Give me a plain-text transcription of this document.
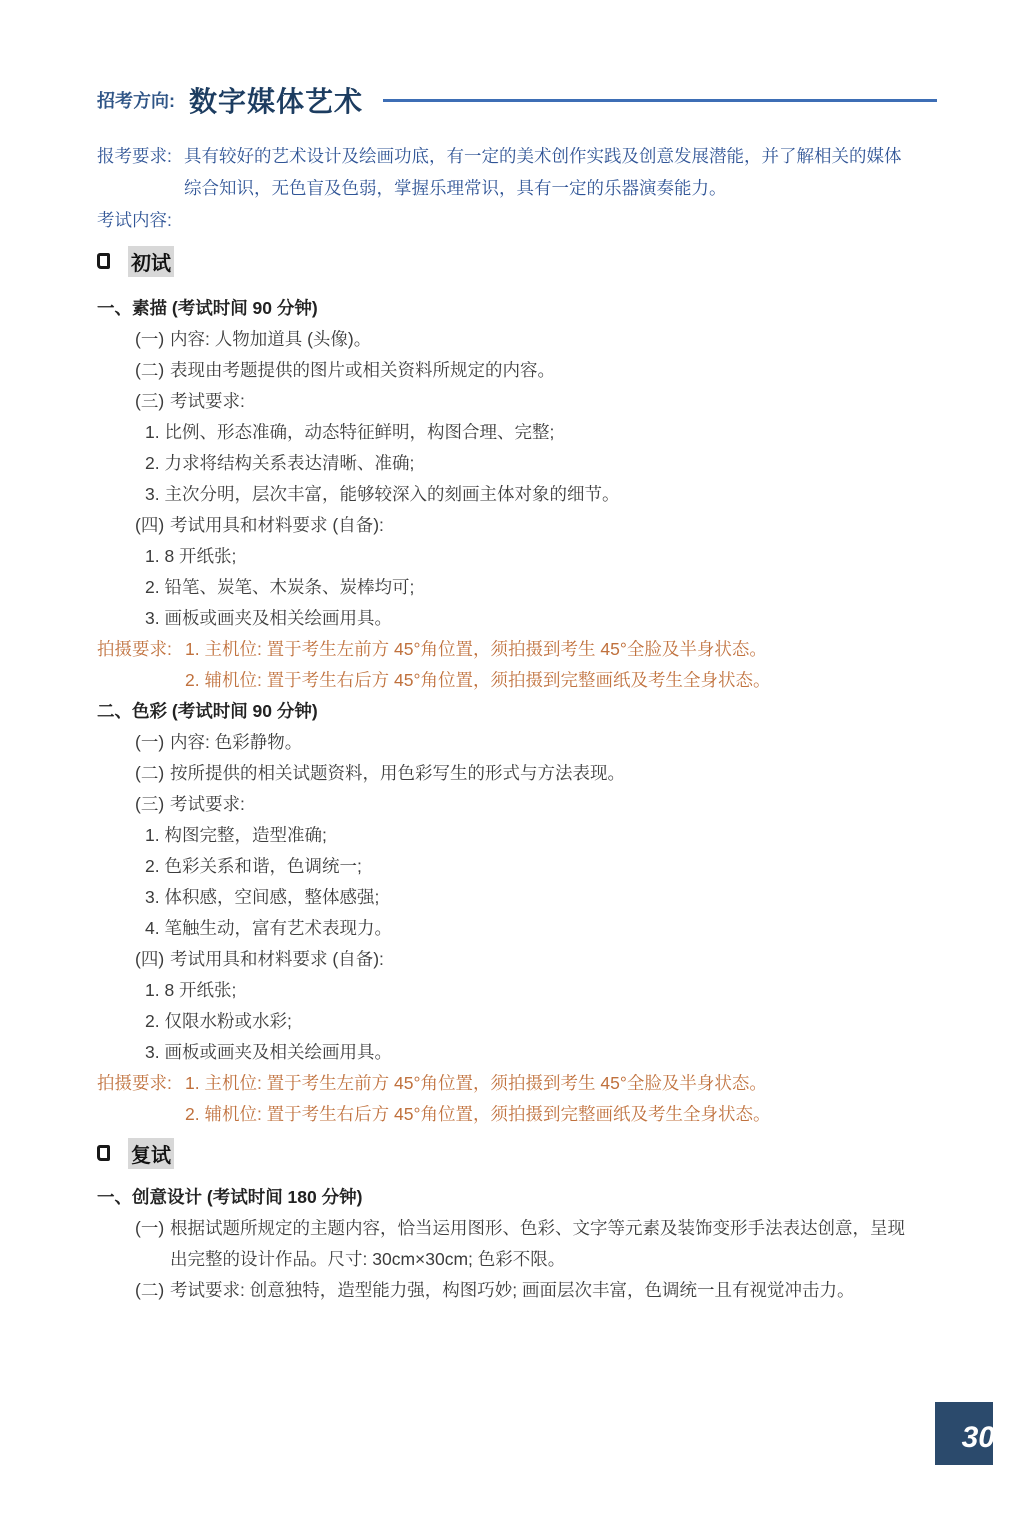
招考方向: 数字媒体艺术
报考要求: 具有较好的艺术设计及绘画功底，有一定的美术创作实践及创意发展潜能，并了解相关的媒体
综合知识，无色盲及色弱，掌握乐理常识，具有一定的乐器演奏能力。
考试内容:
初试
一、素描 (考试时间 90 分钟)
(一) 内容: 人物加道具 (头像)。
(二) 表现由考题提供的图片或相关资料所规定的内容。
(三) 考试要求:
1. 比例、形态准确，动态特征鲜明，构图合理、完整;
2. 力求将结构关系表达清晰、准确;
3. 主次分明，层次丰富，能够较深入的刻画主体对象的细节。
(四) 考试用具和材料要求 (自备):
1. 8 开纸张;
2. 铅笔、炭笔、木炭条、炭棒均可;
3. 画板或画夹及相关绘画用具。
拍摄要求: 1. 主机位: 置于考生左前方 45°角位置，须拍摄到考生 45°全脸及半身状态。
2. 辅机位: 置于考生右后方 45°角位置，须拍摄到完整画纸及考生全身状态。
二、色彩 (考试时间 90 分钟)
(一) 内容: 色彩静物。
(二) 按所提供的相关试题资料，用色彩写生的形式与方法表现。
(三) 考试要求:
1. 构图完整，造型准确;
2. 色彩关系和谐，色调统一;
3. 体积感，空间感，整体感强;
4. 笔触生动，富有艺术表现力。
(四) 考试用具和材料要求 (自备):
1. 8 开纸张;
2. 仅限水粉或水彩;
3. 画板或画夹及相关绘画用具。
拍摄要求: 1. 主机位: 置于考生左前方 45°角位置，须拍摄到考生 45°全脸及半身状态。
2. 辅机位: 置于考生右后方 45°角位置，须拍摄到完整画纸及考生全身状态。
复试
一、创意设计 (考试时间 180 分钟)
(一) 根据试题所规定的主题内容，恰当运用图形、色彩、文字等元素及装饰变形手法表达创意，呈现
出完整的设计作品。尺寸: 30cm×30cm; 色彩不限。
(二) 考试要求: 创意独特，造型能力强，构图巧妙; 画面层次丰富，色调统一且有视觉冲击力。
30
